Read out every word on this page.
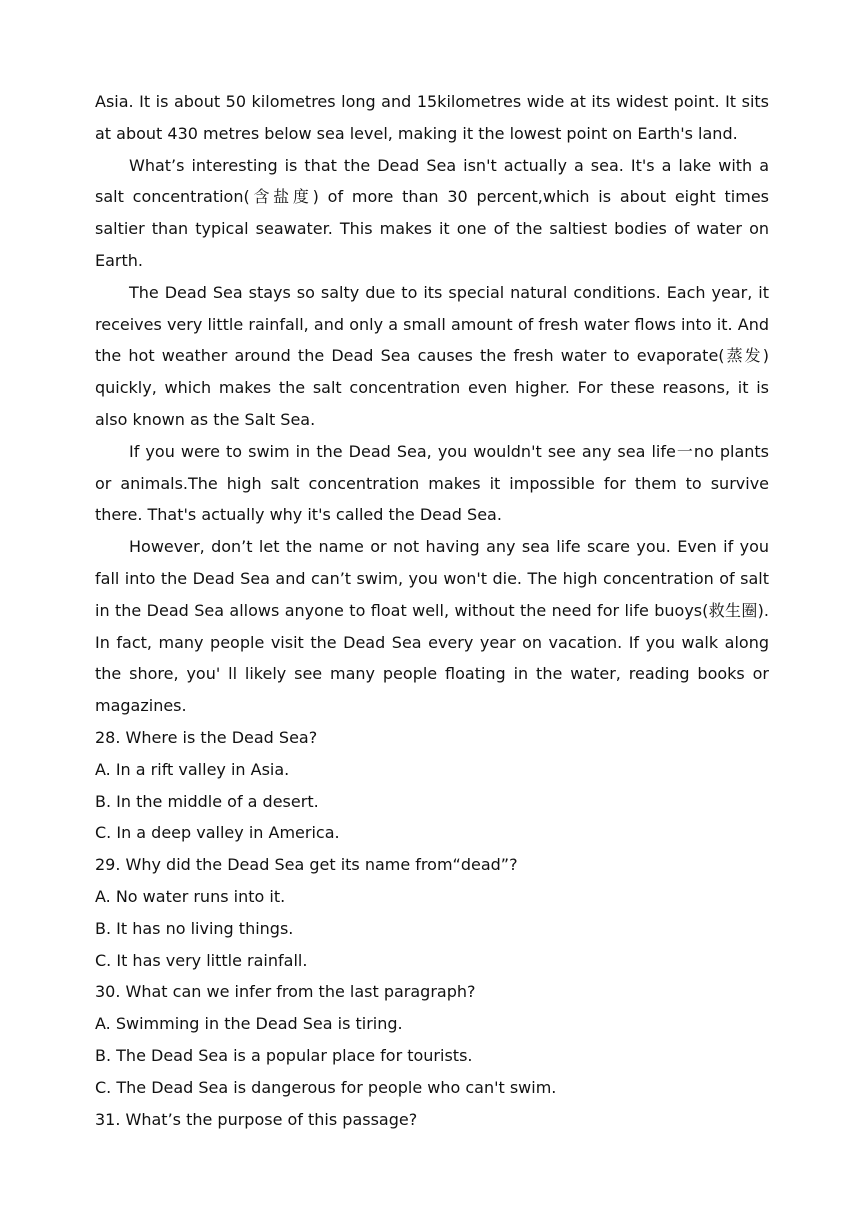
Asia. It is about 50 kilometres long and 15kilometres wide at its widest point. It sits at about 430 metres below sea level, making it the lowest point on Earth's land.

What’s interesting is that the Dead Sea isn't actually a sea. It's a lake with a salt concentration(含盐度) of more than 30 percent,which is about eight times saltier than typical seawater. This makes it one of the saltiest bodies of water on Earth.

The Dead Sea stays so salty due to its special natural conditions. Each year, it receives very little rainfall, and only a small amount of fresh water flows into it. And the hot weather around the Dead Sea causes the fresh water to evaporate(蒸发) quickly, which makes the salt concentration even higher. For these reasons, it is also known as the Salt Sea.

If you were to swim in the Dead Sea, you wouldn't see any sea life一no plants or animals.The high salt concentration makes it impossible for them to survive there. That's actually why it's called the Dead Sea.

However, don’t let the name or not having any sea life scare you. Even if you fall into the Dead Sea and can’t swim, you won't die. The high concentration of salt in the Dead Sea allows anyone to float well, without the need for life buoys(救生圈). In fact, many people visit the Dead Sea every year on vacation. If you walk along the shore, you' ll likely see many people floating in the water, reading books or magazines.

28. Where is the Dead Sea?

A. In a rift valley in Asia.

B. In the middle of a desert.

C. In a deep valley in America.

29. Why did the Dead Sea get its name from“dead”?

A. No water runs into it.

B. It has no living things.

C. It has very little rainfall.

30. What can we infer from the last paragraph?

A. Swimming in the Dead Sea is tiring.

B. The Dead Sea is a popular place for tourists.

C. The Dead Sea is dangerous for people who can't swim.

31. What’s the purpose of this passage?
